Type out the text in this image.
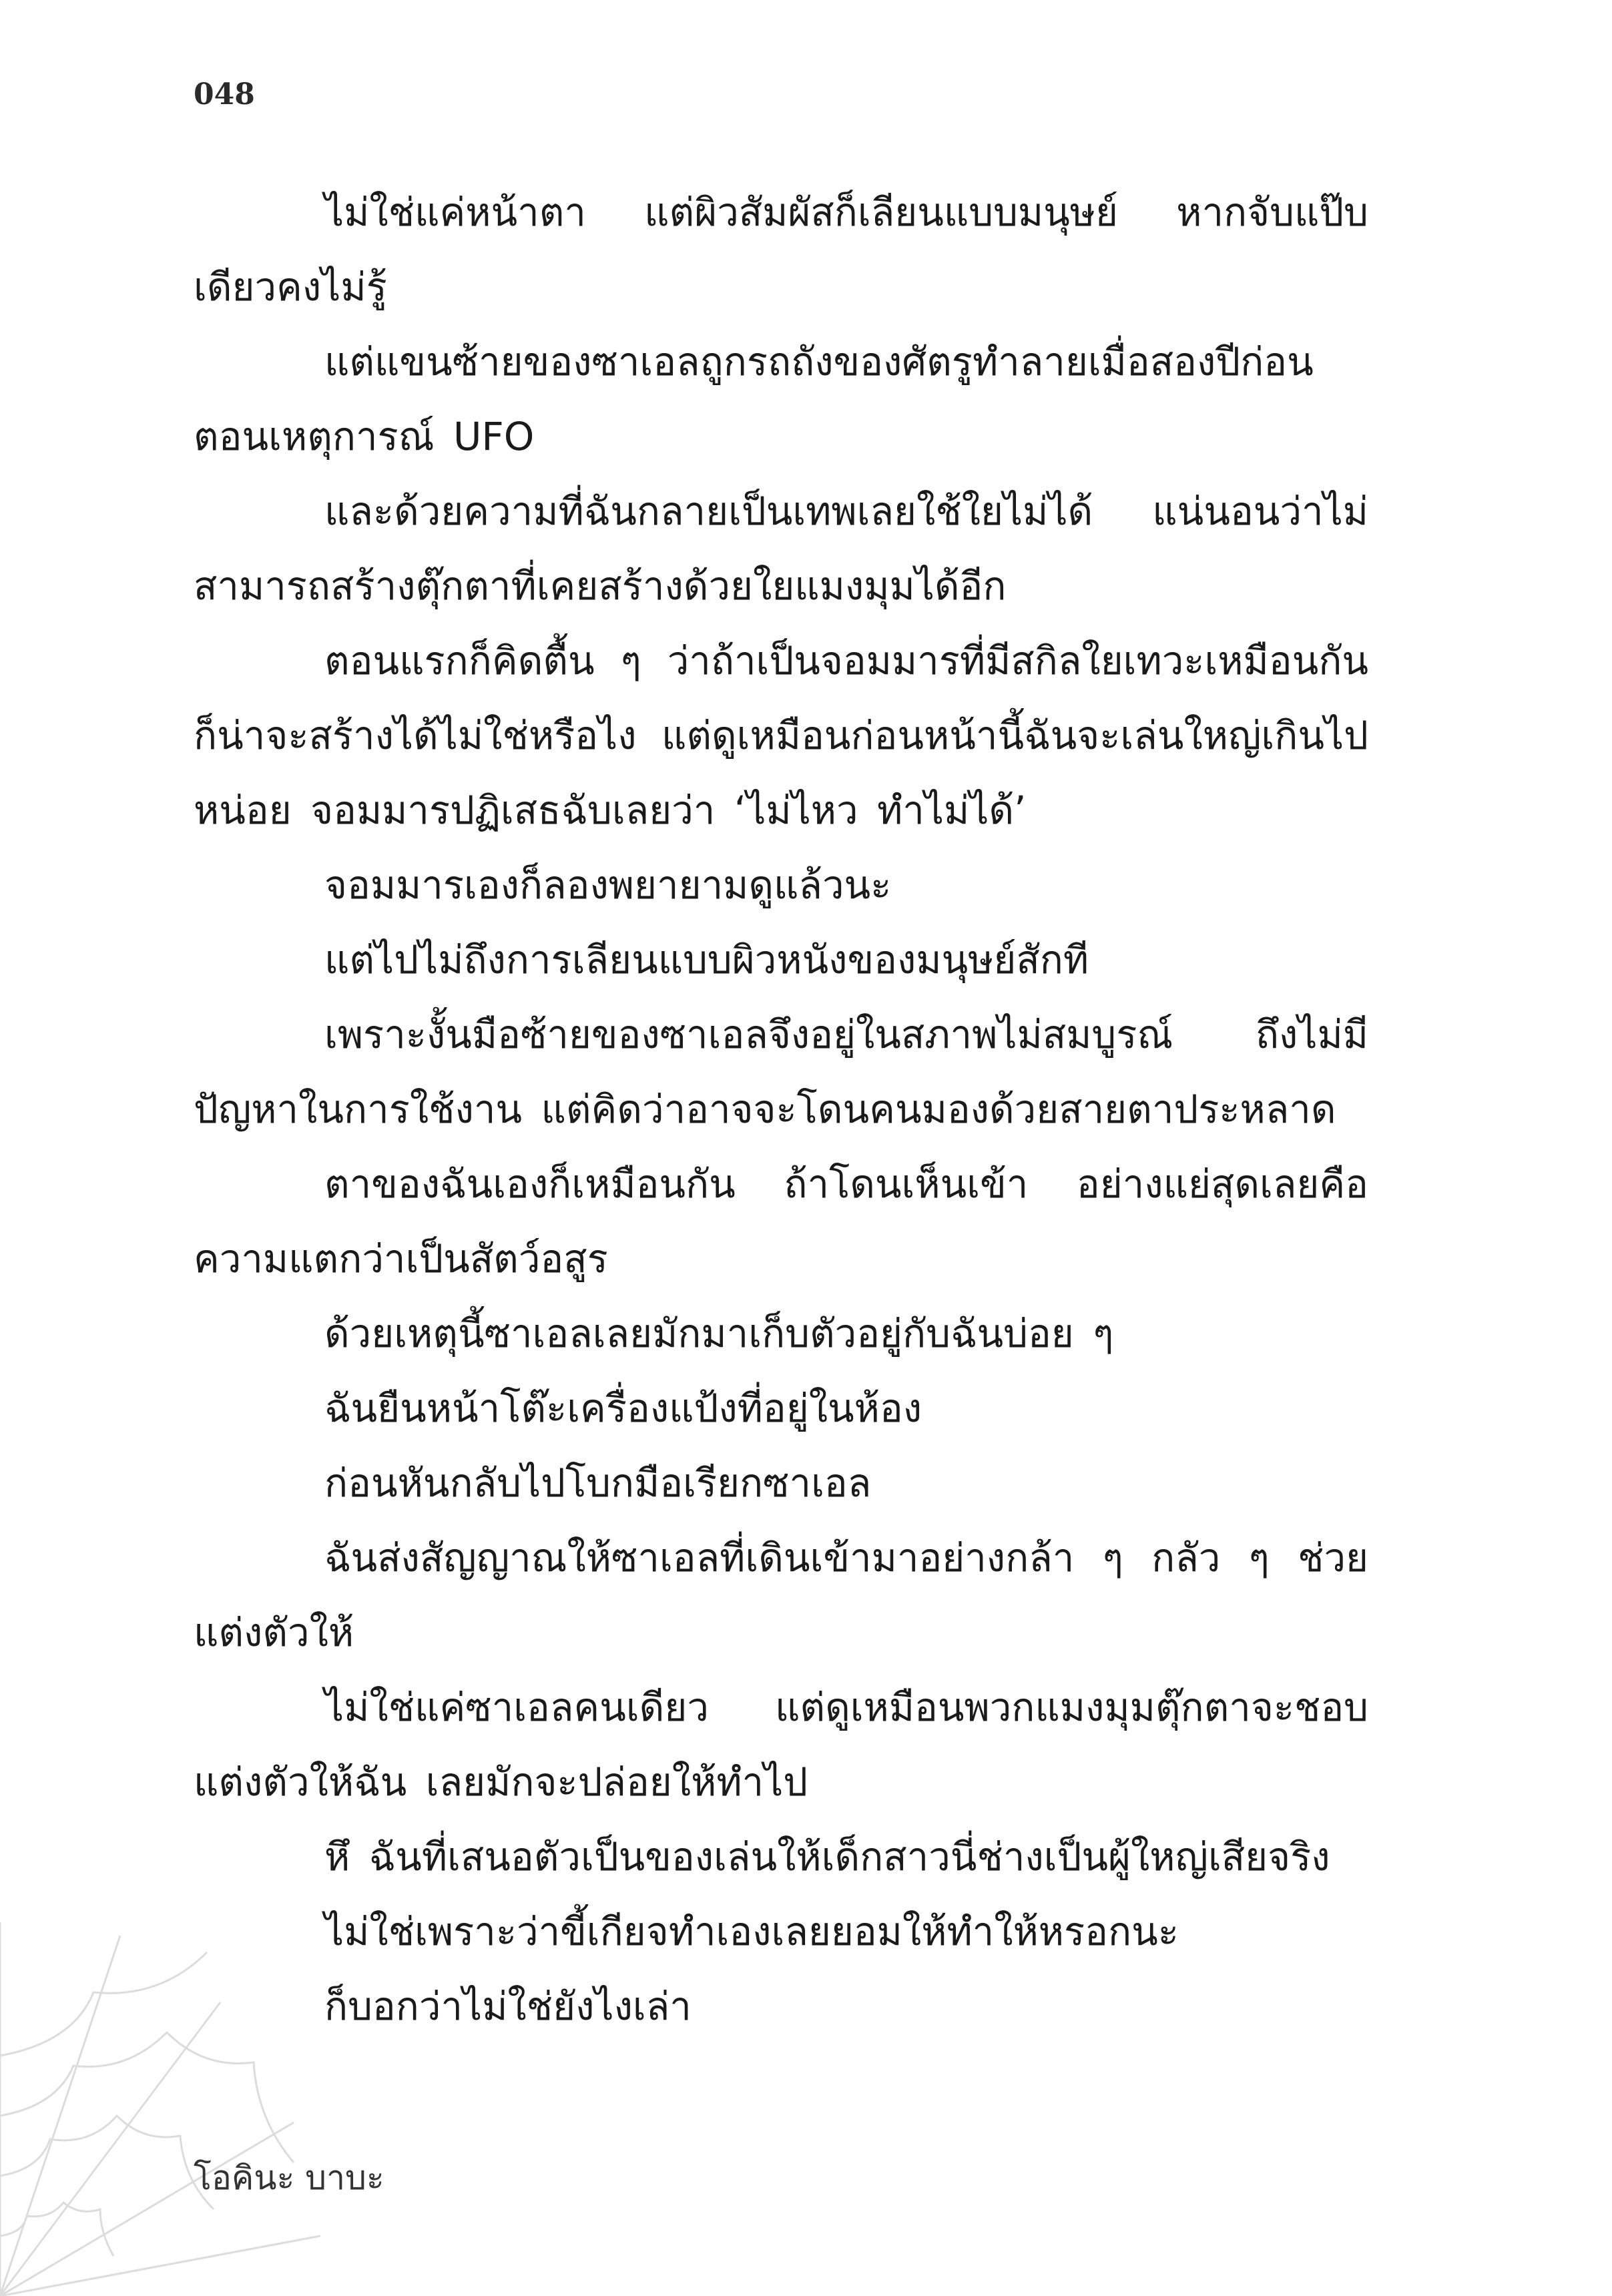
048

ไม่ใช่แค่หน้าตา แต่ผิวสัมผัสก็เลียนแบบมนุษย์ หากจับแป๊บเดียวคงไม่รู้

แต่แขนซ้ายของซาเอลถูกรถถังของศัตรูทำลายเมื่อสองปีก่อนตอนเหตุการณ์ UFO

และด้วยความที่ฉันกลายเป็นเทพเลยใช้ใยไม่ได้ แน่นอนว่าไม่สามารถสร้างตุ๊กตาที่เคยสร้างด้วยใยแมงมุมได้อีก

ตอนแรกก็คิดตื้น ๆ ว่าถ้าเป็นจอมมารที่มีสกิลใยเทวะเหมือนกันก็น่าจะสร้างได้ไม่ใช่หรือไง แต่ดูเหมือนก่อนหน้านี้ฉันจะเล่นใหญ่เกินไปหน่อย จอมมารปฏิเสธฉับเลยว่า ‘ไม่ไหว ทำไม่ได้’

จอมมารเองก็ลองพยายามดูแล้วนะ

แต่ไปไม่ถึงการเลียนแบบผิวหนังของมนุษย์สักที

เพราะงั้นมือซ้ายของซาเอลจึงอยู่ในสภาพไม่สมบูรณ์ ถึงไม่มีปัญหาในการใช้งาน แต่คิดว่าอาจจะโดนคนมองด้วยสายตาประหลาด

ตาของฉันเองก็เหมือนกัน ถ้าโดนเห็นเข้า อย่างแย่สุดเลยคือความแตกว่าเป็นสัตว์อสูร

ด้วยเหตุนี้ซาเอลเลยมักมาเก็บตัวอยู่กับฉันบ่อย ๆ

ฉันยืนหน้าโต๊ะเครื่องแป้งที่อยู่ในห้อง

ก่อนหันกลับไปโบกมือเรียกซาเอล

ฉันส่งสัญญาณให้ซาเอลที่เดินเข้ามาอย่างกล้า ๆ กลัว ๆ ช่วยแต่งตัวให้

ไม่ใช่แค่ซาเอลคนเดียว แต่ดูเหมือนพวกแมงมุมตุ๊กตาจะชอบแต่งตัวให้ฉัน เลยมักจะปล่อยให้ทำไป

หึ ฉันที่เสนอตัวเป็นของเล่นให้เด็กสาวนี่ช่างเป็นผู้ใหญ่เสียจริง

ไม่ใช่เพราะว่าขี้เกียจทำเองเลยยอมให้ทำให้หรอกนะ

ก็บอกว่าไม่ใช่ยังไงเล่า

โอคินะ บาบะ
